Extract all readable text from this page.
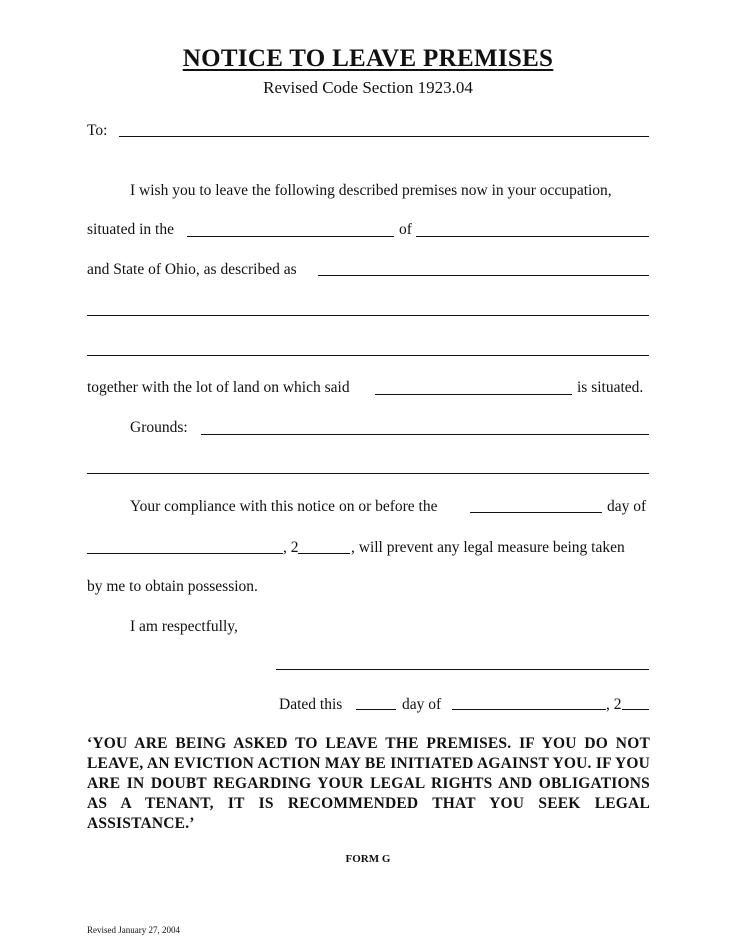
NOTICE TO LEAVE PREMISES
Revised Code Section 1923.04
To:
I wish you to leave the following described premises now in your occupation,
situated in the	of
and State of Ohio, as described as
together with the lot of land on which said	is situated.
Grounds:
Your compliance with this notice on or before the	day of
, 2	, will prevent any legal measure being taken
by me to obtain possession.
I am respectfully,
Dated this	day of	, 2
‘YOU ARE BEING ASKED TO LEAVE THE PREMISES. IF YOU DO NOT LEAVE, AN EVICTION ACTION MAY BE INITIATED AGAINST YOU. IF YOU ARE IN DOUBT REGARDING YOUR LEGAL RIGHTS AND OBLIGATIONS AS A TENANT, IT IS RECOMMENDED THAT YOU SEEK LEGAL ASSISTANCE.’
FORM G
Revised January 27, 2004
